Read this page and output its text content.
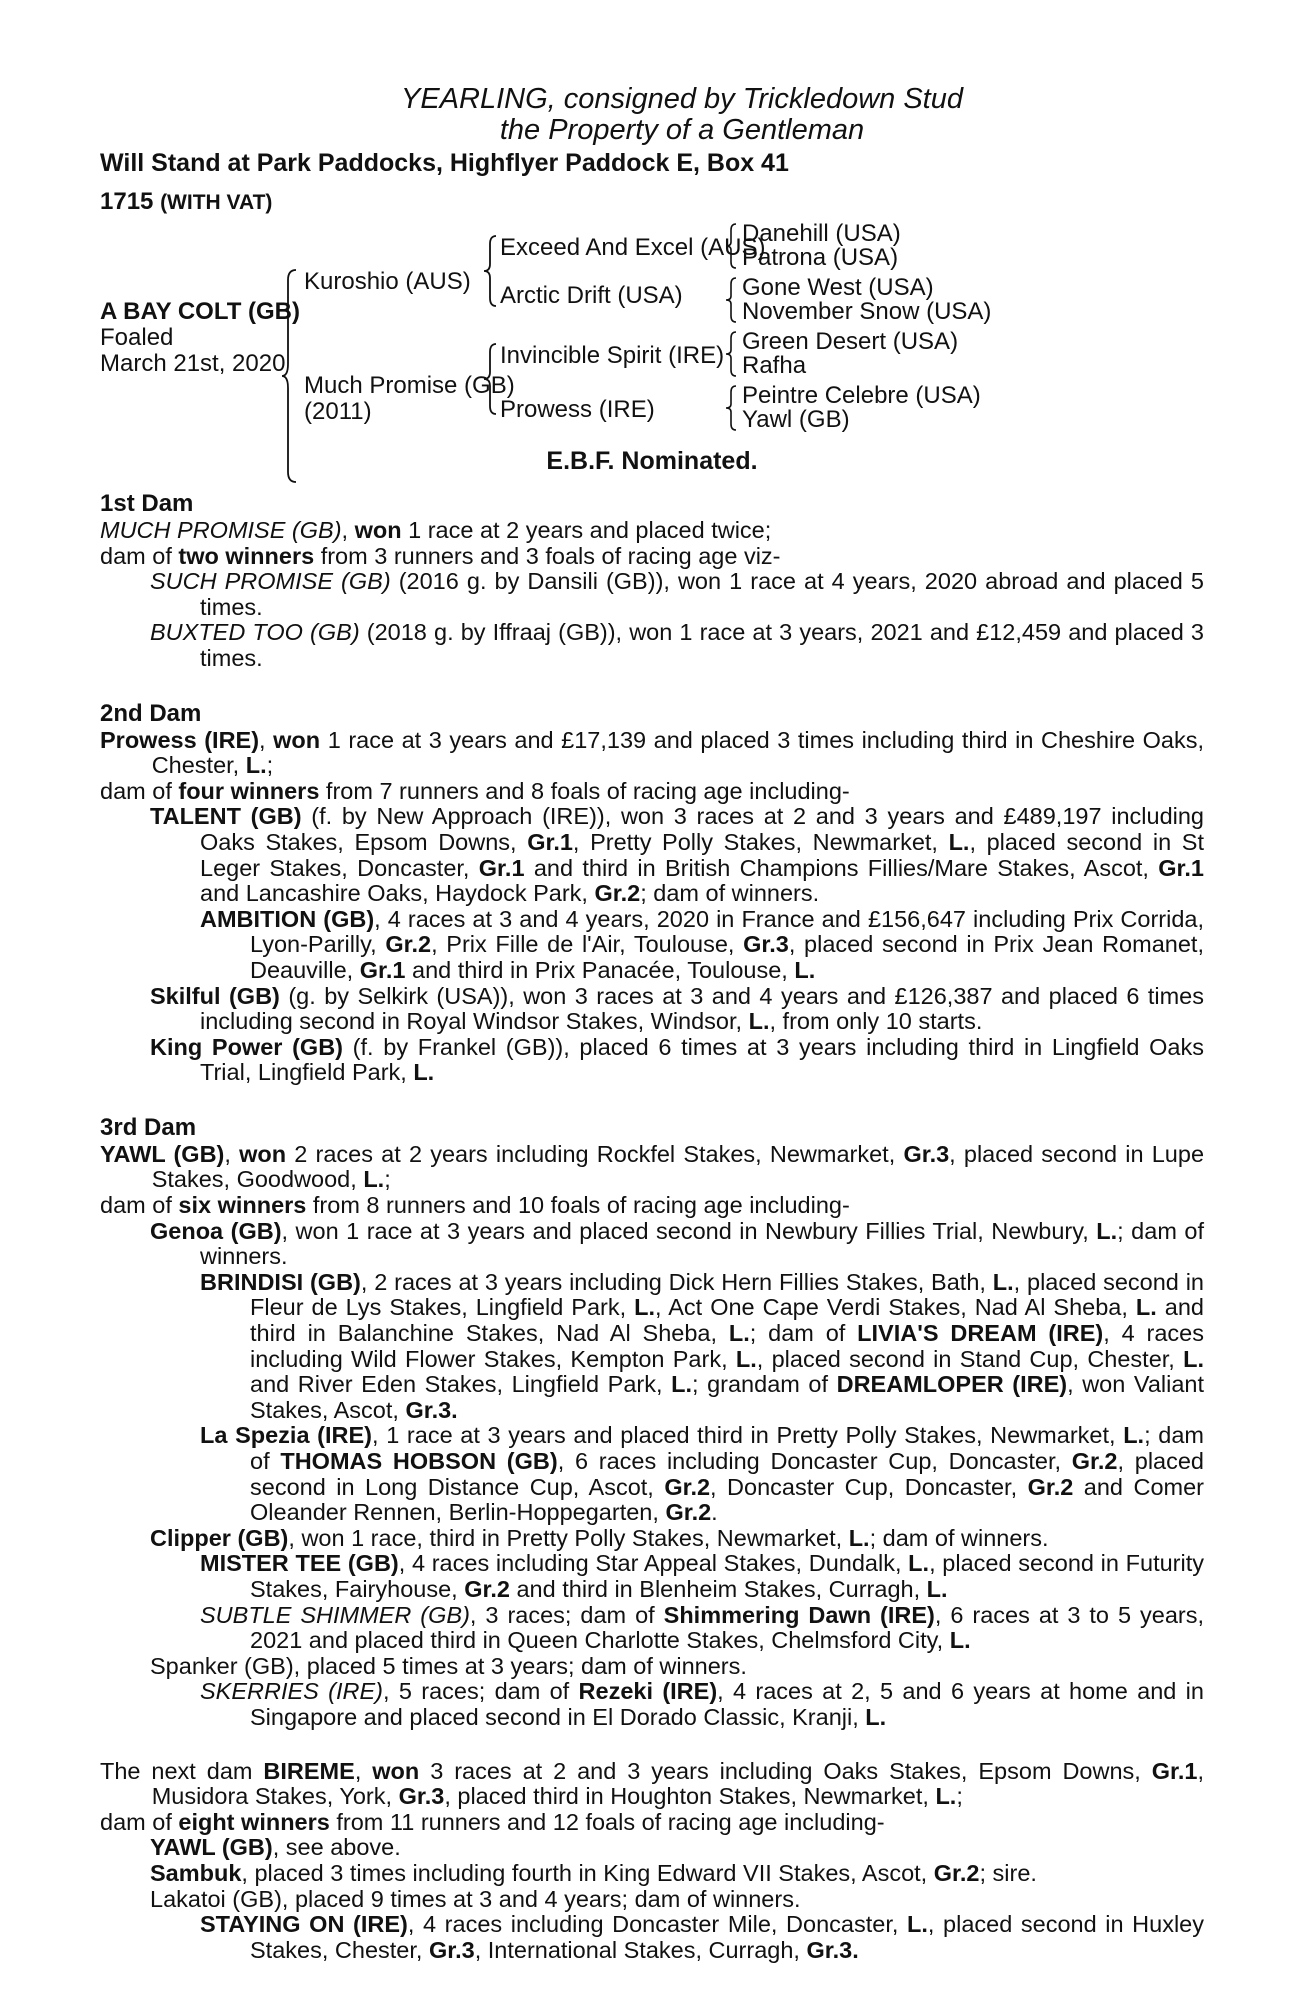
YEARLING, consigned by Trickledown Stud
the Property of a Gentleman
Will Stand at Park Paddocks, Highflyer Paddock E, Box 41
1715 (WITH VAT)
A BAY COLT (GB)
Foaled
March 21st, 2020
Kuroshio (AUS)
Much Promise (GB)
(2011)
Exceed And Excel (AUS)
Arctic Drift (USA)
Invincible Spirit (IRE)
Prowess (IRE)
Danehill (USA)
Patrona (USA)
Gone West (USA)
November Snow (USA)
Green Desert (USA)
Rafha
Peintre Celebre (USA)
Yawl (GB)
E.B.F. Nominated.
1st Dam

MUCH PROMISE (GB), won 1 race at 2 years and placed twice;

dam of two winners from 3 runners and 3 foals of racing age viz-

SUCH PROMISE (GB) (2016 g. by Dansili (GB)), won 1 race at 4 years, 2020 abroad and placed 5 times.

BUXTED TOO (GB) (2018 g. by Iffraaj (GB)), won 1 race at 3 years, 2021 and £12,459 and placed 3 times.

2nd Dam

Prowess (IRE), won 1 race at 3 years and £17,139 and placed 3 times including third in Cheshire Oaks, Chester, L.;

dam of four winners from 7 runners and 8 foals of racing age including-

TALENT (GB) (f. by New Approach (IRE)), won 3 races at 2 and 3 years and £489,197 including Oaks Stakes, Epsom Downs, Gr.1, Pretty Polly Stakes, Newmarket, L., placed second in St Leger Stakes, Doncaster, Gr.1 and third in British Champions Fillies/Mare Stakes, Ascot, Gr.1 and Lancashire Oaks, Haydock Park, Gr.2; dam of winners.

AMBITION (GB), 4 races at 3 and 4 years, 2020 in France and £156,647 including Prix Corrida, Lyon-Parilly, Gr.2, Prix Fille de l'Air, Toulouse, Gr.3, placed second in Prix Jean Romanet, Deauville, Gr.1 and third in Prix Panacée, Toulouse, L.

Skilful (GB) (g. by Selkirk (USA)), won 3 races at 3 and 4 years and £126,387 and placed 6 times including second in Royal Windsor Stakes, Windsor, L., from only 10 starts.

King Power (GB) (f. by Frankel (GB)), placed 6 times at 3 years including third in Lingfield Oaks Trial, Lingfield Park, L.

3rd Dam

YAWL (GB), won 2 races at 2 years including Rockfel Stakes, Newmarket, Gr.3, placed second in Lupe Stakes, Goodwood, L.;

dam of six winners from 8 runners and 10 foals of racing age including-

Genoa (GB), won 1 race at 3 years and placed second in Newbury Fillies Trial, Newbury, L.; dam of winners.

BRINDISI (GB), 2 races at 3 years including Dick Hern Fillies Stakes, Bath, L., placed second in Fleur de Lys Stakes, Lingfield Park, L., Act One Cape Verdi Stakes, Nad Al Sheba, L. and third in Balanchine Stakes, Nad Al Sheba, L.; dam of LIVIA'S DREAM (IRE), 4 races including Wild Flower Stakes, Kempton Park, L., placed second in Stand Cup, Chester, L. and River Eden Stakes, Lingfield Park, L.; grandam of DREAMLOPER (IRE), won Valiant Stakes, Ascot, Gr.3.

La Spezia (IRE), 1 race at 3 years and placed third in Pretty Polly Stakes, Newmarket, L.; dam of THOMAS HOBSON (GB), 6 races including Doncaster Cup, Doncaster, Gr.2, placed second in Long Distance Cup, Ascot, Gr.2, Doncaster Cup, Doncaster, Gr.2 and Comer Oleander Rennen, Berlin-Hoppegarten, Gr.2.

Clipper (GB), won 1 race, third in Pretty Polly Stakes, Newmarket, L.; dam of winners.

MISTER TEE (GB), 4 races including Star Appeal Stakes, Dundalk, L., placed second in Futurity Stakes, Fairyhouse, Gr.2 and third in Blenheim Stakes, Curragh, L.

SUBTLE SHIMMER (GB), 3 races; dam of Shimmering Dawn (IRE), 6 races at 3 to 5 years, 2021 and placed third in Queen Charlotte Stakes, Chelmsford City, L.

Spanker (GB), placed 5 times at 3 years; dam of winners.

SKERRIES (IRE), 5 races; dam of Rezeki (IRE), 4 races at 2, 5 and 6 years at home and in Singapore and placed second in El Dorado Classic, Kranji, L.

The next dam BIREME, won 3 races at 2 and 3 years including Oaks Stakes, Epsom Downs, Gr.1, Musidora Stakes, York, Gr.3, placed third in Houghton Stakes, Newmarket, L.;

dam of eight winners from 11 runners and 12 foals of racing age including-

YAWL (GB), see above.

Sambuk, placed 3 times including fourth in King Edward VII Stakes, Ascot, Gr.2; sire.

Lakatoi (GB), placed 9 times at 3 and 4 years; dam of winners.

STAYING ON (IRE), 4 races including Doncaster Mile, Doncaster, L., placed second in Huxley Stakes, Chester, Gr.3, International Stakes, Curragh, Gr.3.
